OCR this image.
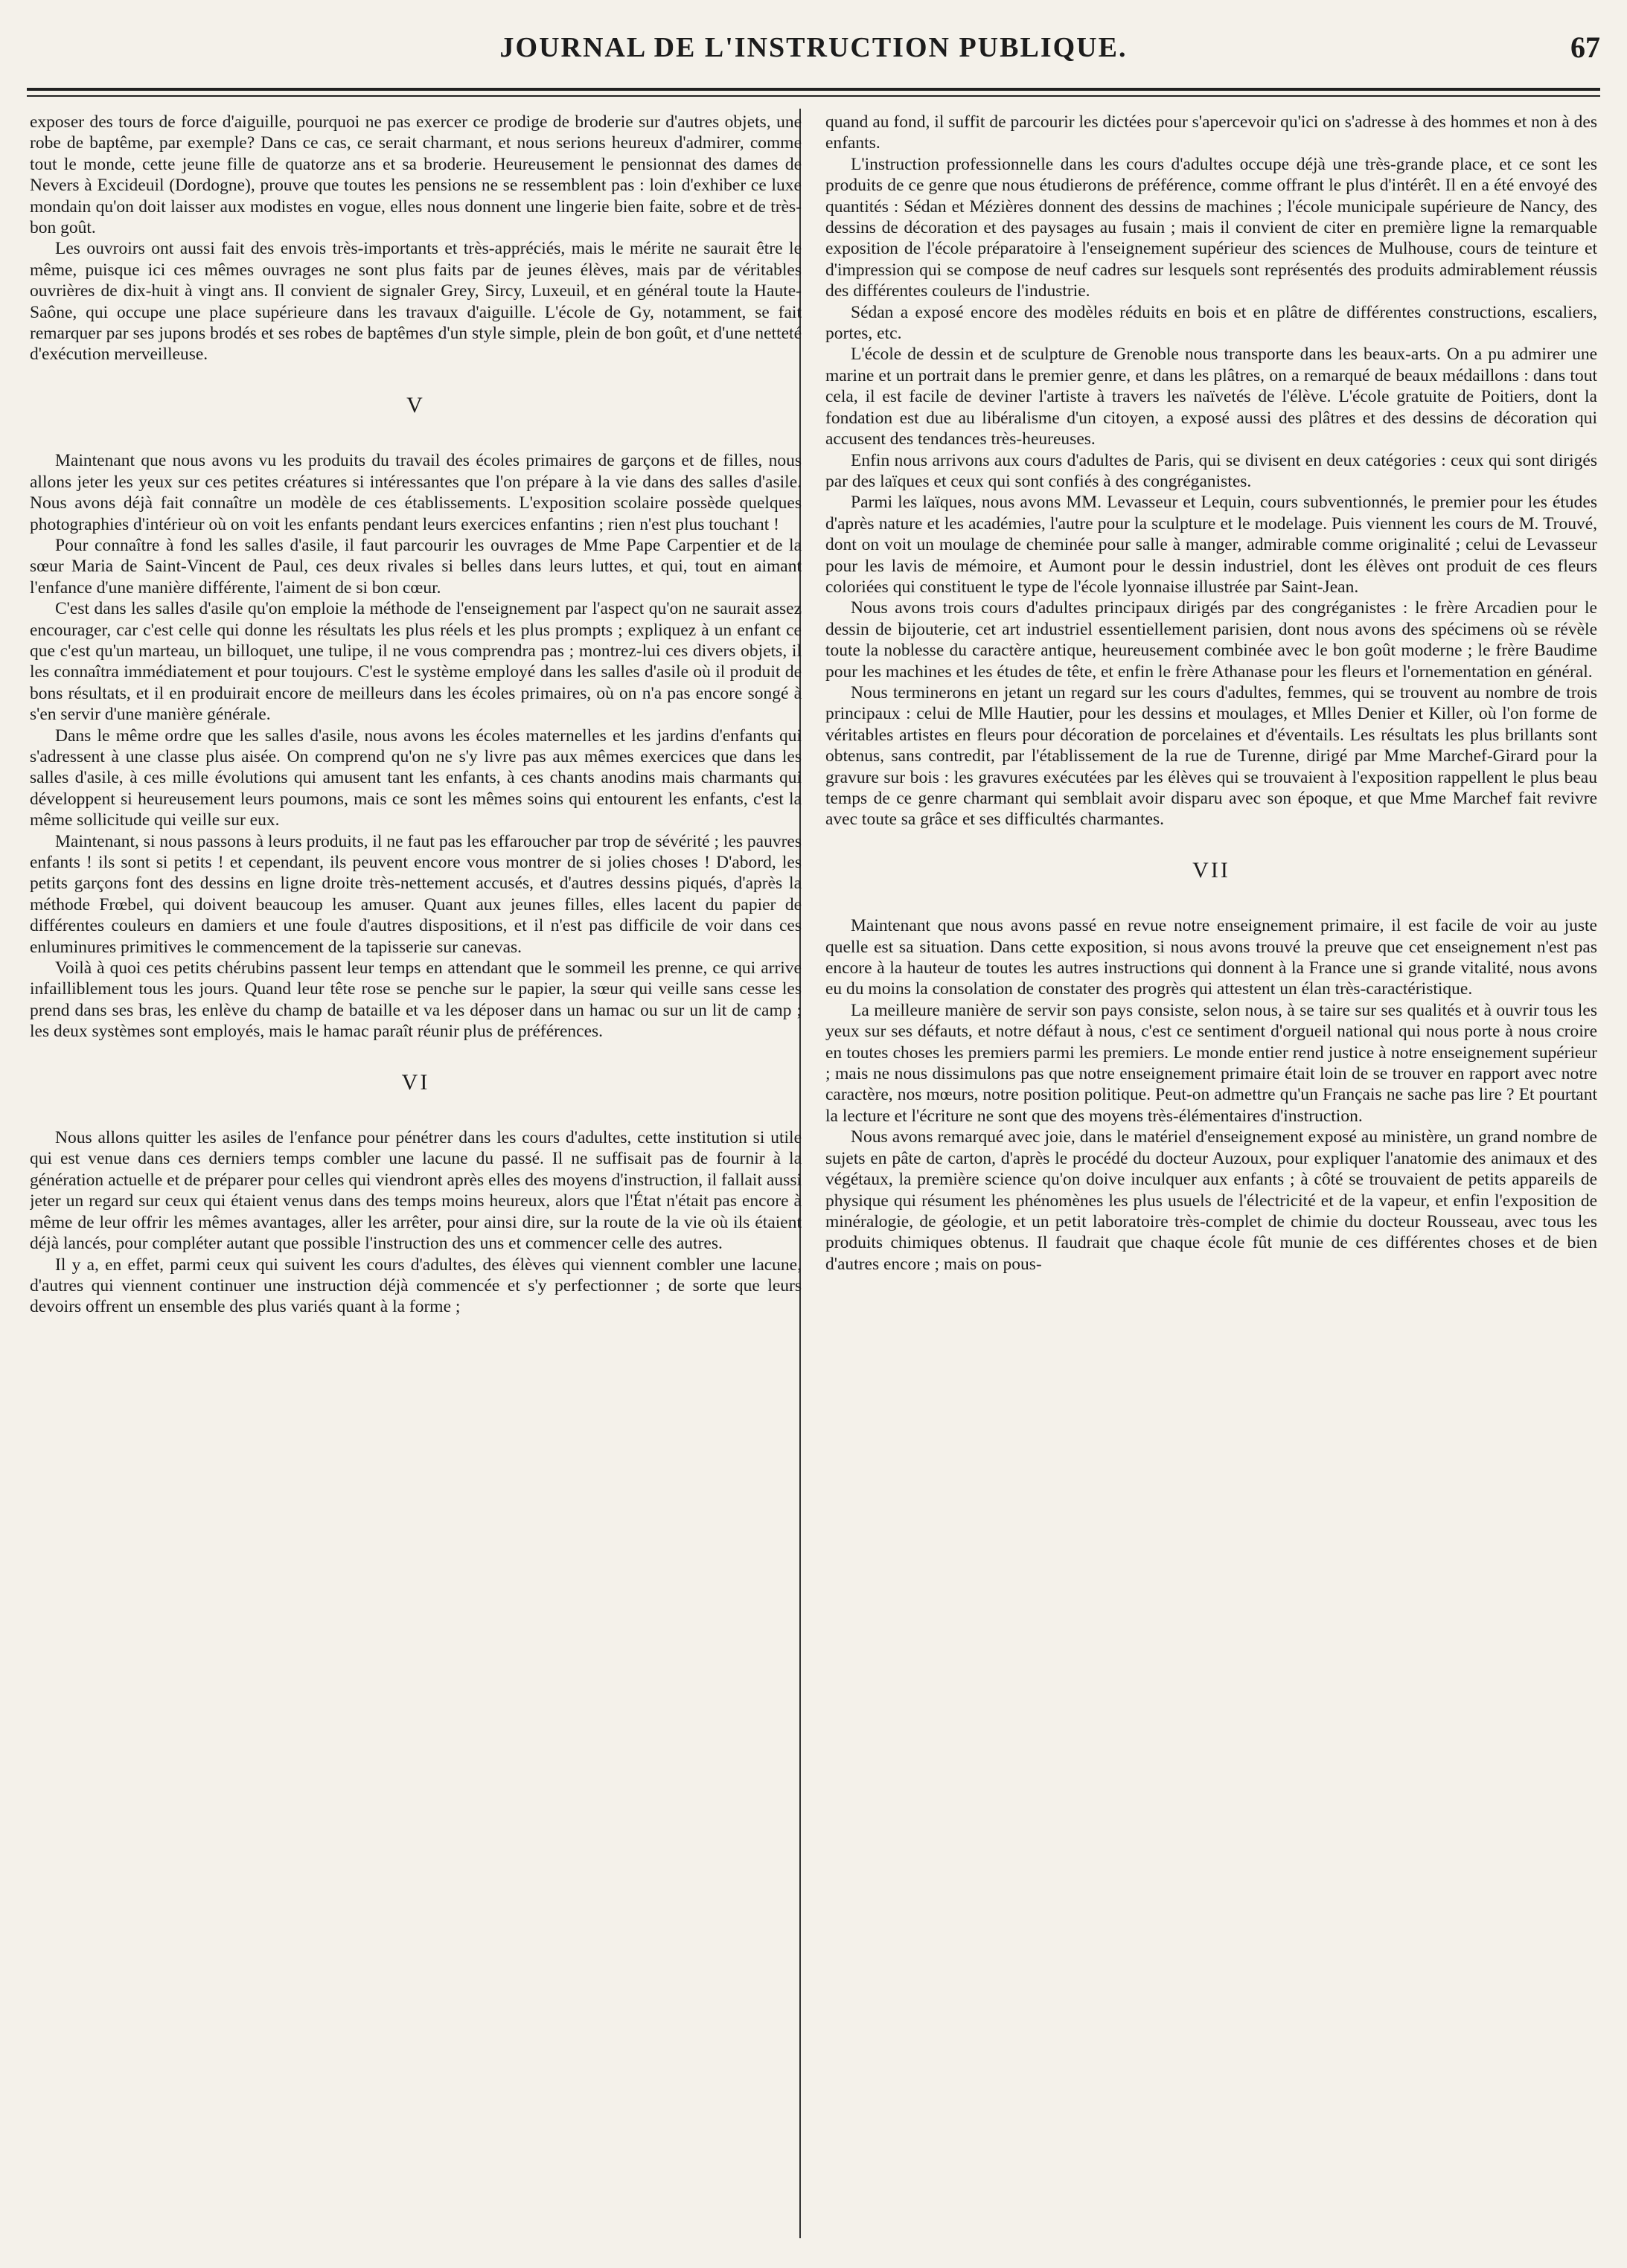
JOURNAL DE L'INSTRUCTION PUBLIQUE.	67

exposer des tours de force d'aiguille, pourquoi ne pas exercer ce prodige de broderie sur d'autres objets, une robe de baptême, par exemple? Dans ce cas, ce serait charmant, et nous serions heureux d'admirer, comme tout le monde, cette jeune fille de quatorze ans et sa broderie. Heureusement le pensionnat des dames de Nevers à Excideuil (Dordogne), prouve que toutes les pensions ne se ressemblent pas : loin d'exhiber ce luxe mondain qu'on doit laisser aux modistes en vogue, elles nous donnent une lingerie bien faite, sobre et de très-bon goût.

Les ouvroirs ont aussi fait des envois très-importants et très-appréciés, mais le mérite ne saurait être le même, puisque ici ces mêmes ouvrages ne sont plus faits par de jeunes élèves, mais par de véritables ouvrières de dix-huit à vingt ans. Il convient de signaler Grey, Sircy, Luxeuil, et en général toute la Haute-Saône, qui occupe une place supérieure dans les travaux d'aiguille. L'école de Gy, notamment, se fait remarquer par ses jupons brodés et ses robes de baptêmes d'un style simple, plein de bon goût, et d'une netteté d'exécution merveilleuse.

V

Maintenant que nous avons vu les produits du travail des écoles primaires de garçons et de filles, nous allons jeter les yeux sur ces petites créatures si intéressantes que l'on prépare à la vie dans des salles d'asile. Nous avons déjà fait connaître un modèle de ces établissements. L'exposition scolaire possède quelques photographies d'intérieur où on voit les enfants pendant leurs exercices enfantins ; rien n'est plus touchant !

Pour connaître à fond les salles d'asile, il faut parcourir les ouvrages de Mme Pape Carpentier et de la sœur Maria de Saint-Vincent de Paul, ces deux rivales si belles dans leurs luttes, et qui, tout en aimant l'enfance d'une manière différente, l'aiment de si bon cœur.

C'est dans les salles d'asile qu'on emploie la méthode de l'enseignement par l'aspect qu'on ne saurait assez encourager, car c'est celle qui donne les résultats les plus réels et les plus prompts ; expliquez à un enfant ce que c'est qu'un marteau, un billoquet, une tulipe, il ne vous comprendra pas ; montrez-lui ces divers objets, il les connaîtra immédiatement et pour toujours. C'est le système employé dans les salles d'asile où il produit de bons résultats, et il en produirait encore de meilleurs dans les écoles primaires, où on n'a pas encore songé à s'en servir d'une manière générale.

Dans le même ordre que les salles d'asile, nous avons les écoles maternelles et les jardins d'enfants qui s'adressent à une classe plus aisée. On comprend qu'on ne s'y livre pas aux mêmes exercices que dans les salles d'asile, à ces mille évolutions qui amusent tant les enfants, à ces chants anodins mais charmants qui développent si heureusement leurs poumons, mais ce sont les mêmes soins qui entourent les enfants, c'est la même sollicitude qui veille sur eux.

Maintenant, si nous passons à leurs produits, il ne faut pas les effaroucher par trop de sévérité ; les pauvres enfants ! ils sont si petits ! et cependant, ils peuvent encore vous montrer de si jolies choses ! D'abord, les petits garçons font des dessins en ligne droite très-nettement accusés, et d'autres dessins piqués, d'après la méthode Frœbel, qui doivent beaucoup les amuser. Quant aux jeunes filles, elles lacent du papier de différentes couleurs en damiers et une foule d'autres dispositions, et il n'est pas difficile de voir dans ces enluminures primitives le commencement de la tapisserie sur canevas.

Voilà à quoi ces petits chérubins passent leur temps en attendant que le sommeil les prenne, ce qui arrive infailliblement tous les jours. Quand leur tête rose se penche sur le papier, la sœur qui veille sans cesse les prend dans ses bras, les enlève du champ de bataille et va les déposer dans un hamac ou sur un lit de camp ; les deux systèmes sont employés, mais le hamac paraît réunir plus de préférences.

VI

Nous allons quitter les asiles de l'enfance pour pénétrer dans les cours d'adultes, cette institution si utile qui est venue dans ces derniers temps combler une lacune du passé. Il ne suffisait pas de fournir à la génération actuelle et de préparer pour celles qui viendront après elles des moyens d'instruction, il fallait aussi jeter un regard sur ceux qui étaient venus dans des temps moins heureux, alors que l'État n'était pas encore à même de leur offrir les mêmes avantages, aller les arrêter, pour ainsi dire, sur la route de la vie où ils étaient déjà lancés, pour compléter autant que possible l'instruction des uns et commencer celle des autres.

Il y a, en effet, parmi ceux qui suivent les cours d'adultes, des élèves qui viennent combler une lacune, d'autres qui viennent continuer une instruction déjà commencée et s'y perfectionner ; de sorte que leurs devoirs offrent un ensemble des plus variés quant à la forme ;

quand au fond, il suffit de parcourir les dictées pour s'apercevoir qu'ici on s'adresse à des hommes et non à des enfants.

L'instruction professionnelle dans les cours d'adultes occupe déjà une très-grande place, et ce sont les produits de ce genre que nous étudierons de préférence, comme offrant le plus d'intérêt. Il en a été envoyé des quantités : Sédan et Mézières donnent des dessins de machines ; l'école municipale supérieure de Nancy, des dessins de décoration et des paysages au fusain ; mais il convient de citer en première ligne la remarquable exposition de l'école préparatoire à l'enseignement supérieur des sciences de Mulhouse, cours de teinture et d'impression qui se compose de neuf cadres sur lesquels sont représentés des produits admirablement réussis des différentes couleurs de l'industrie.

Sédan a exposé encore des modèles réduits en bois et en plâtre de différentes constructions, escaliers, portes, etc.

L'école de dessin et de sculpture de Grenoble nous transporte dans les beaux-arts. On a pu admirer une marine et un portrait dans le premier genre, et dans les plâtres, on a remarqué de beaux médaillons : dans tout cela, il est facile de deviner l'artiste à travers les naïvetés de l'élève. L'école gratuite de Poitiers, dont la fondation est due au libéralisme d'un citoyen, a exposé aussi des plâtres et des dessins de décoration qui accusent des tendances très-heureuses.

Enfin nous arrivons aux cours d'adultes de Paris, qui se divisent en deux catégories : ceux qui sont dirigés par des laïques et ceux qui sont confiés à des congréganistes.

Parmi les laïques, nous avons MM. Levasseur et Lequin, cours subventionnés, le premier pour les études d'après nature et les académies, l'autre pour la sculpture et le modelage. Puis viennent les cours de M. Trouvé, dont on voit un moulage de cheminée pour salle à manger, admirable comme originalité ; celui de Levasseur pour les lavis de mémoire, et Aumont pour le dessin industriel, dont les élèves ont produit de ces fleurs coloriées qui constituent le type de l'école lyonnaise illustrée par Saint-Jean.

Nous avons trois cours d'adultes principaux dirigés par des congréganistes : le frère Arcadien pour le dessin de bijouterie, cet art industriel essentiellement parisien, dont nous avons des spécimens où se révèle toute la noblesse du caractère antique, heureusement combinée avec le bon goût moderne ; le frère Baudime pour les machines et les études de tête, et enfin le frère Athanase pour les fleurs et l'ornementation en général.

Nous terminerons en jetant un regard sur les cours d'adultes, femmes, qui se trouvent au nombre de trois principaux : celui de Mlle Hautier, pour les dessins et moulages, et Mlles Denier et Killer, où l'on forme de véritables artistes en fleurs pour décoration de porcelaines et d'éventails. Les résultats les plus brillants sont obtenus, sans contredit, par l'établissement de la rue de Turenne, dirigé par Mme Marchef-Girard pour la gravure sur bois : les gravures exécutées par les élèves qui se trouvaient à l'exposition rappellent le plus beau temps de ce genre charmant qui semblait avoir disparu avec son époque, et que Mme Marchef fait revivre avec toute sa grâce et ses difficultés charmantes.

VII

Maintenant que nous avons passé en revue notre enseignement primaire, il est facile de voir au juste quelle est sa situation. Dans cette exposition, si nous avons trouvé la preuve que cet enseignement n'est pas encore à la hauteur de toutes les autres instructions qui donnent à la France une si grande vitalité, nous avons eu du moins la consolation de constater des progrès qui attestent un élan très-caractéristique.

La meilleure manière de servir son pays consiste, selon nous, à se taire sur ses qualités et à ouvrir tous les yeux sur ses défauts, et notre défaut à nous, c'est ce sentiment d'orgueil national qui nous porte à nous croire en toutes choses les premiers parmi les premiers. Le monde entier rend justice à notre enseignement supérieur ; mais ne nous dissimulons pas que notre enseignement primaire était loin de se trouver en rapport avec notre caractère, nos mœurs, notre position politique. Peut-on admettre qu'un Français ne sache pas lire ? Et pourtant la lecture et l'écriture ne sont que des moyens très-élémentaires d'instruction.

Nous avons remarqué avec joie, dans le matériel d'enseignement exposé au ministère, un grand nombre de sujets en pâte de carton, d'après le procédé du docteur Auzoux, pour expliquer l'anatomie des animaux et des végétaux, la première science qu'on doive inculquer aux enfants ; à côté se trouvaient de petits appareils de physique qui résument les phénomènes les plus usuels de l'électricité et de la vapeur, et enfin l'exposition de minéralogie, de géologie, et un petit laboratoire très-complet de chimie du docteur Rousseau, avec tous les produits chimiques obtenus. Il faudrait que chaque école fût munie de ces différentes choses et de bien d'autres encore ; mais on pous-
